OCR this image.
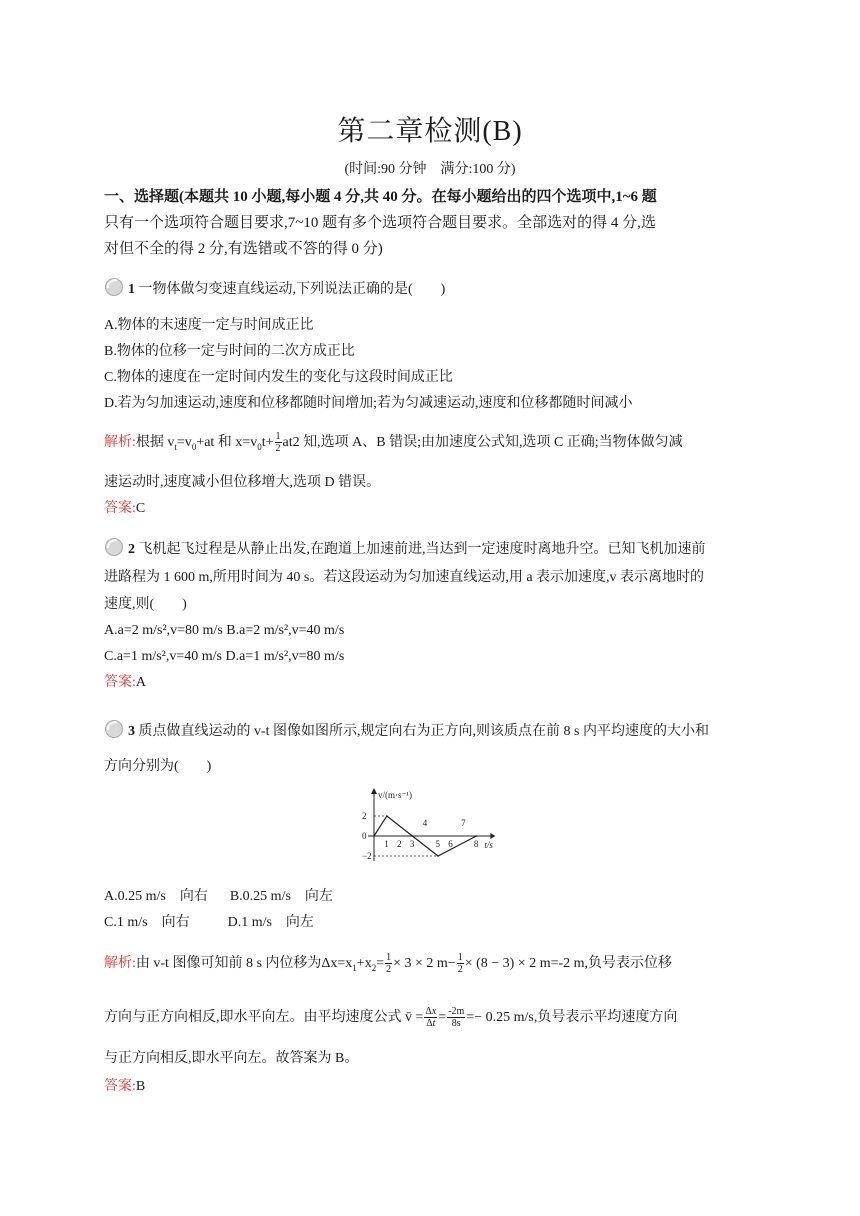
第二章检测(B)
(时间:90 分钟　满分:100 分)
一、选择题(本题共 10 小题,每小题 4 分,共 40 分。在每小题给出的四个选项中,1~6 题
只有一个选项符合题目要求,7~10 题有多个选项符合题目要求。全部选对的得 4 分,选
对但不全的得 2 分,有选错或不答的得 0 分)
1 一物体做匀变速直线运动,下列说法正确的是(　　)
A.物体的末速度一定与时间成正比
B.物体的位移一定与时间的二次方成正比
C.物体的速度在一定时间内发生的变化与这段时间成正比
D.若为匀加速运动,速度和位移都随时间增加;若为匀减速运动,速度和位移都随时间减小
解析:根据 $v_t=v_0+at$ 和 $x=v_0t+ \frac{1}{2} at2$ 知,选项 A、B 错误;由加速度公式知,选项 C 正确;当物体做匀减
速运动时,速度减小但位移增大,选项 D 错误。
答案:C
2 飞机起飞过程是从静止出发,在跑道上加速前进,当达到一定速度时离地升空。已知飞机加速前
进路程为 1 600 m,所用时间为 40 s。若这段运动为匀加速直线运动,用 a 表示加速度,v 表示离地时的
速度,则(　　)
A.a=2 m/s²,v=80 m/s B.a=2 m/s²,v=40 m/s
C.a=1 m/s²,v=40 m/s D.a=1 m/s²,v=80 m/s
答案:A
3 质点做直线运动的 v-t 图像如图所示,规定向右为正方向,则该质点在前 8 s 内平均速度的大小和
方向分别为(　　)
v/(m·s⁻¹)
t/s
2
0
−2
1 2 3
4
5 6
7
8
A.0.25 m/s　向右 B.0.25 m/s　向左
C.1 m/s　向右	D.1 m/s　向左
解析:由 v-t 图像可知前 8 s 内位移为$\Delta x=x_1+x_2= \frac{1}{2} \times 3 \times 2$ $m- \frac{1}{2} \times (8 - 3) \times 2$ m=-2 m,负号表示位移
方向与正方向相反,即水平向左。由平均速度公式 v̄ = $\frac{\Delta x}{\Delta t} = \frac{-2m}{8s} =- 0.25$ m/s,负号表示平均速度方向
与正方向相反,即水平向左。故答案为 B。
答案:B
